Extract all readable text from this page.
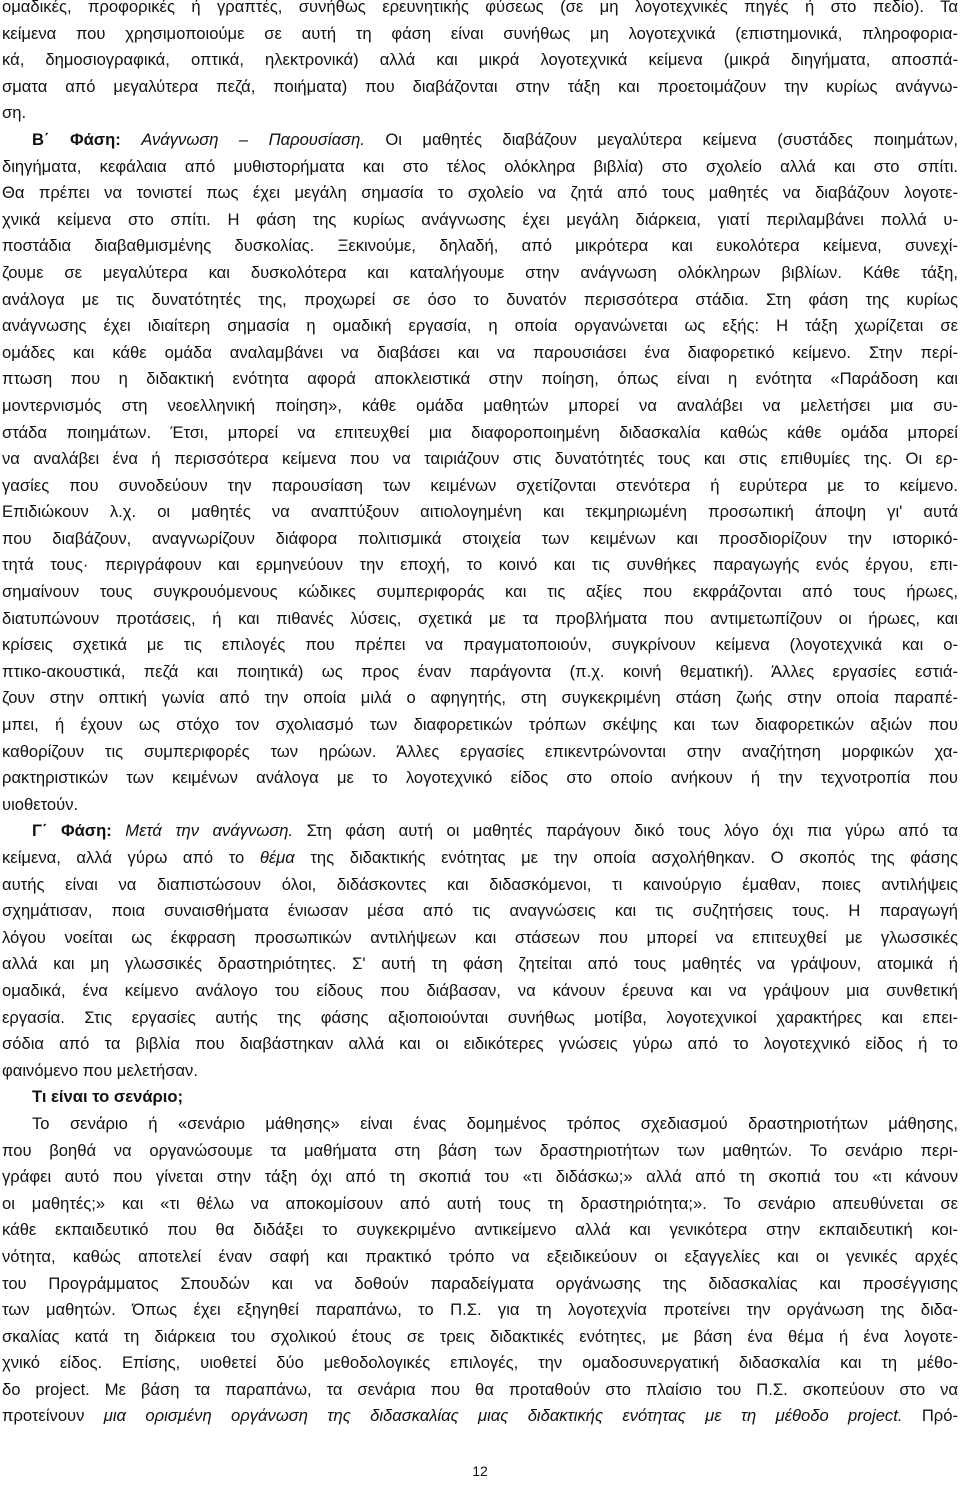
ομαδικές, προφορικές ή γραπτές, συνήθως ερευνητικής φύσεως (σε μη λογοτεχνικές πηγές ή στο πεδίο). Τα
κείμενα που χρησιμοποιούμε σε αυτή τη φάση είναι συνήθως μη λογοτεχνικά (επιστημονικά, πληροφορια-
κά, δημοσιογραφικά, οπτικά, ηλεκτρονικά) αλλά και μικρά λογοτεχνικά κείμενα (μικρά διηγήματα, αποσπά-
σματα από μεγαλύτερα πεζά, ποιήματα) που διαβάζονται στην τάξη και προετοιμάζουν την κυρίως ανάγνω-
ση.
Β΄ Φάση: Ανάγνωση – Παρουσίαση. Οι μαθητές διαβάζουν μεγαλύτερα κείμενα (συστάδες ποιημάτων,
διηγήματα, κεφάλαια από μυθιστορήματα και στο τέλος ολόκληρα βιβλία) στο σχολείο αλλά και στο σπίτι.
Θα πρέπει να τονιστεί πως έχει μεγάλη σημασία το σχολείο να ζητά από τους μαθητές να διαβάζουν λογοτε-
χνικά κείμενα στο σπίτι. Η φάση της κυρίως ανάγνωσης έχει μεγάλη διάρκεια, γιατί περιλαμβάνει πολλά υ-
ποστάδια διαβαθμισμένης δυσκολίας. Ξεκινούμε, δηλαδή, από μικρότερα και ευκολότερα κείμενα, συνεχί-
ζουμε σε μεγαλύτερα και δυσκολότερα και καταλήγουμε στην ανάγνωση ολόκληρων βιβλίων. Κάθε τάξη,
ανάλογα με τις δυνατότητές της, προχωρεί σε όσο το δυνατόν περισσότερα στάδια. Στη φάση της κυρίως
ανάγνωσης έχει ιδιαίτερη σημασία η ομαδική εργασία, η οποία οργανώνεται ως εξής: Η τάξη χωρίζεται σε
ομάδες και κάθε ομάδα αναλαμβάνει να διαβάσει και να παρουσιάσει ένα διαφορετικό κείμενο. Στην περί-
πτωση που η διδακτική ενότητα αφορά αποκλειστικά στην ποίηση, όπως είναι η ενότητα «Παράδοση και
μοντερνισμός στη νεοελληνική ποίηση», κάθε ομάδα μαθητών μπορεί να αναλάβει να μελετήσει μια συ-
στάδα ποιημάτων. Έτσι, μπορεί να επιτευχθεί μια διαφοροποιημένη διδασκαλία καθώς κάθε ομάδα μπορεί
να αναλάβει ένα ή περισσότερα κείμενα που να ταιριάζουν στις δυνατότητές τους και στις επιθυμίες της. Οι ερ-
γασίες που συνοδεύουν την παρουσίαση των κειμένων σχετίζονται στενότερα ή ευρύτερα με το κείμενο.
Επιδιώκουν λ.χ. οι μαθητές να αναπτύξουν αιτιολογημένη και τεκμηριωμένη προσωπική άποψη γι' αυτά
που διαβάζουν, αναγνωρίζουν διάφορα πολιτισμικά στοιχεία των κειμένων και προσδιορίζουν την ιστορικό-
τητά τους· περιγράφουν και ερμηνεύουν την εποχή, το κοινό και τις συνθήκες παραγωγής ενός έργου, επι-
σημαίνουν τους συγκρουόμενους κώδικες συμπεριφοράς και τις αξίες που εκφράζονται από τους ήρωες,
διατυπώνουν προτάσεις, ή και πιθανές λύσεις, σχετικά με τα προβλήματα που αντιμετωπίζουν οι ήρωες, και
κρίσεις σχετικά με τις επιλογές που πρέπει να πραγματοποιούν, συγκρίνουν κείμενα (λογοτεχνικά και ο-
πτικο-ακουστικά, πεζά και ποιητικά) ως προς έναν παράγοντα (π.χ. κοινή θεματική). Άλλες εργασίες εστιά-
ζουν στην οπτική γωνία από την οποία μιλά ο αφηγητής, στη συγκεκριμένη στάση ζωής στην οποία παραπέ-
μπει, ή έχουν ως στόχο τον σχολιασμό των διαφορετικών τρόπων σκέψης και των διαφορετικών αξιών που
καθορίζουν τις συμπεριφορές των ηρώων. Άλλες εργασίες επικεντρώνονται στην αναζήτηση μορφικών χα-
ρακτηριστικών των κειμένων ανάλογα με το λογοτεχνικό είδος στο οποίο ανήκουν ή την τεχνοτροπία που
υιοθετούν.
Γ΄ Φάση: Μετά την ανάγνωση. Στη φάση αυτή οι μαθητές παράγουν δικό τους λόγο όχι πια γύρω από τα
κείμενα, αλλά γύρω από το θέμα της διδακτικής ενότητας με την οποία ασχολήθηκαν. Ο σκοπός της φάσης
αυτής είναι να διαπιστώσουν όλοι, διδάσκοντες και διδασκόμενοι, τι καινούργιο έμαθαν, ποιες αντιλήψεις
σχημάτισαν, ποια συναισθήματα ένιωσαν μέσα από τις αναγνώσεις και τις συζητήσεις τους. Η παραγωγή
λόγου νοείται ως έκφραση προσωπικών αντιλήψεων και στάσεων που μπορεί να επιτευχθεί με γλωσσικές
αλλά και μη γλωσσικές δραστηριότητες. Σ' αυτή τη φάση ζητείται από τους μαθητές να γράψουν, ατομικά ή
ομαδικά, ένα κείμενο ανάλογο του είδους που διάβασαν, να κάνουν έρευνα και να γράψουν μια συνθετική
εργασία. Στις εργασίες αυτής της φάσης αξιοποιούνται συνήθως μοτίβα, λογοτεχνικοί χαρακτήρες και επει-
σόδια από τα βιβλία που διαβάστηκαν αλλά και οι ειδικότερες γνώσεις γύρω από το λογοτεχνικό είδος ή το
φαινόμενο που μελετήσαν.
Τι είναι το σενάριο;
Το σενάριο ή «σενάριο μάθησης» είναι ένας δομημένος τρόπος σχεδιασμού δραστηριοτήτων μάθησης,
που βοηθά να οργανώσουμε τα μαθήματα στη βάση των δραστηριοτήτων των μαθητών. Το σενάριο περι-
γράφει αυτό που γίνεται στην τάξη όχι από τη σκοπιά του «τι διδάσκω;» αλλά από τη σκοπιά του «τι κάνουν
οι μαθητές;» και «τι θέλω να αποκομίσουν από αυτή τους τη δραστηριότητα;». Το σενάριο απευθύνεται σε
κάθε εκπαιδευτικό που θα διδάξει το συγκεκριμένο αντικείμενο αλλά και γενικότερα στην εκπαιδευτική κοι-
νότητα, καθώς αποτελεί έναν σαφή και πρακτικό τρόπο να εξειδικεύουν οι εξαγγελίες και οι γενικές αρχές
του Προγράμματος Σπουδών και να δοθούν παραδείγματα οργάνωσης της διδασκαλίας και προσέγγισης
των μαθητών. Όπως έχει εξηγηθεί παραπάνω, το Π.Σ. για τη λογοτεχνία προτείνει την οργάνωση της διδα-
σκαλίας κατά τη διάρκεια του σχολικού έτους σε τρεις διδακτικές ενότητες, με βάση ένα θέμα ή ένα λογοτε-
χνικό είδος. Επίσης, υιοθετεί δύο μεθοδολογικές επιλογές, την ομαδοσυνεργατική διδασκαλία και τη μέθο-
δο project. Με βάση τα παραπάνω, τα σενάρια που θα προταθούν στο πλαίσιο του Π.Σ. σκοπεύουν στο να
προτείνουν μια ορισμένη οργάνωση της διδασκαλίας μιας διδακτικής ενότητας με τη μέθοδο project. Πρό-
12
